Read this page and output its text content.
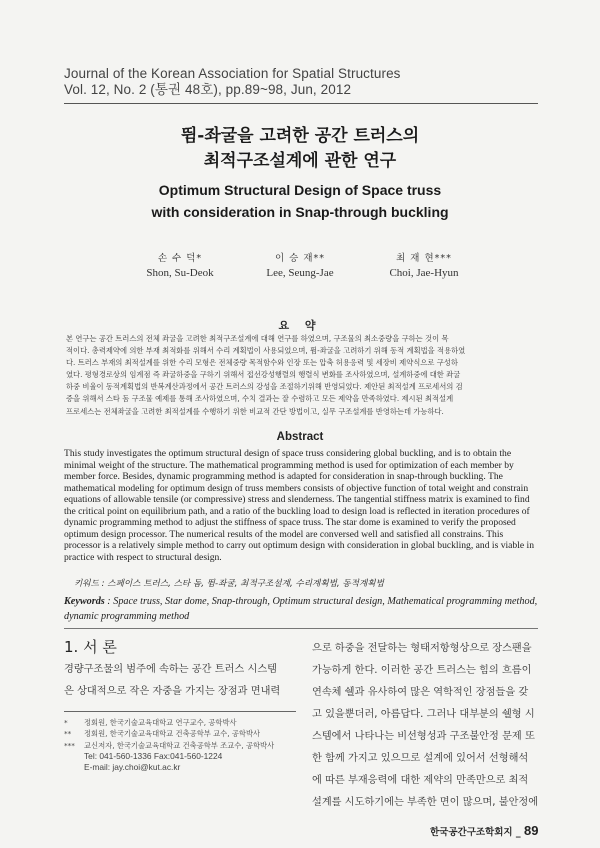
Journal of the Korean Association for Spatial Structures
Vol. 12, No. 2 (통권 48호), pp.89~98, Jun, 2012
뜀-좌굴을 고려한 공간 트러스의
최적구조설계에 관한 연구
Optimum Structural Design of Space truss
with consideration in Snap-through buckling
손 수 덕*
Shon, Su-Deok
이 승 재**
Lee, Seung-Jae
최 재 현***
Choi, Jae-Hyun
요 약
본 연구는 공간 트러스의 전체 좌굴을 고려한 최적구조설계에 대해 연구를 하였으며, 구조물의 최소중량을 구하는 것이 목
적이다. 총력제약에 의한 부재 최적화를 위해서 수리 계획법이 사용되었으며, 뜀-좌굴을 고려하기 위해 동적 계획법을 적용하였
다. 트러스 부재의 최적설계를 위한 수리 모형은 전체중량 목적함수와 인장 또는 압축 허용응력 및 세장비 제약식으로 구성하
였다. 평형경로상의 임계점 즉 좌굴하중을 구하기 위해서 접선강성행렬의 행렬식 변화를 조사하였으며, 설계하중에 대한 좌굴
하중 비율이 동적계획법의 반복계산과정에서 공간 트러스의 강성을 조절하기위해 반영되었다. 제안된 최적설계 프로세서의 검
증을 위해서 스타 돔 구조물 예제를 통해 조사하였으며, 수치 결과는 잘 수렴하고 모든 제약을 만족하였다. 제시된 최적설계
프로세스는 전체좌굴을 고려한 최적설계를 수행하기 위한 비교적 간단 방법이고, 실무 구조설계를 반영하는데 가능하다.
Abstract
This study investigates the optimum structural design of space truss considering global buckling, and is to obtain the
minimal weight of the structure. The mathematical programming method is used for optimization of each member by
member force. Besides, dynamic programming method is adapted for consideration in snap-through buckling. The
mathematical modeling for optimum design of truss members consists of objective function of total weight and constrain
equations of allowable tensile (or compressive) stress and slenderness. The tangential stiffness matrix is examined to find
the critical point on equilibrium path, and a ratio of the buckling load to design load is reflected in iteration procedures of
dynamic programming method to adjust the stiffness of space truss. The star dome is examined to verify the proposed
optimum design processor. The numerical results of the model are conversed well and satisfied all constrains. This
processor is a relatively simple method to carry out optimum design with consideration in global buckling, and is viable in
practice with respect to structural design.
키워드 : 스페이스 트러스, 스타 돔, 뜀-좌굴, 최적구조설계, 수리계획법, 동적계획법
Keywords : Space truss, Star dome, Snap-through, Optimum structural design, Mathematical programming method,
dynamic programming method
1. 서 론
경량구조물의 범주에 속하는 공간 트러스 시스템
은 상대적으로 작은 자중을 가지는 장점과 면내력
으로 하중을 전달하는 형태저항형상으로 장스팬을
가능하게 한다. 이러한 공간 트러스는 힘의 흐름이
연속체 쉘과 유사하여 많은 역학적인 장점들을 갖
고 있을뿐더러, 아름답다. 그러나 대부분의 쉘형 시
스템에서 나타나는 비선형성과 구조불안정 문제 또
한 함께 가지고 있으므로 설계에 있어서 선형해석
에 따른 부재응력에 대한 제약의 만족만으로 최적
설계를 시도하기에는 부족한 면이 많으며, 불안정에
*	정회원, 한국기술교육대학교 연구교수, 공학박사
**	정회원, 한국기술교육대학교 건축공학부 교수, 공학박사
***	교신저자, 한국기술교육대학교 건축공학부 조교수, 공학박사
Tel: 041-560-1336 Fax:041-560-1224
E-mail: jay.choi@kut.ac.kr
한국공간구조학회지 _ 89
